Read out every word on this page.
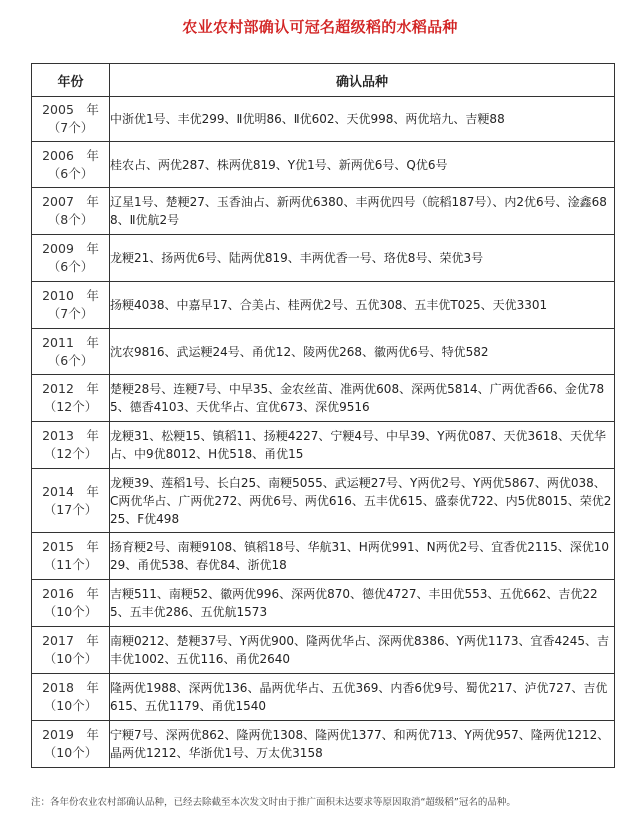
农业农村部确认可冠名超级稻的水稻品种
年份	确认品种

2005　年
（7个）	中浙优1号、丰优299、Ⅱ优明86、Ⅱ优602、天优998、两优培九、吉粳88

2006　年
（6个）	桂农占、两优287、株两优819、Y优1号、新两优6号、Q优6号

2007　年
（8个）	辽星1号、楚粳27、玉香油占、新两优6380、丰两优四号（皖稻187号）、内2优6号、淦鑫688、Ⅱ优航2号

2009　年
（6个）	龙粳21、扬两优6号、陆两优819、丰两优香一号、珞优8号、荣优3号

2010　年
（7个）	扬粳4038、中嘉早17、合美占、桂两优2号、五优308、五丰优T025、天优3301

2011　年
（6个）	沈农9816、武运粳24号、甬优12、陵两优268、徽两优6号、特优582

2012　年
（12个）	楚粳28号、连粳7号、中早35、金农丝苗、准两优608、深两优5814、广两优香66、金优785、德香4103、天优华占、宜优673、深优9516

2013　年
（12个）	龙粳31、松粳15、镇稻11、扬粳4227、宁粳4号、中早39、Y两优087、天优3618、天优华占、中9优8012、H优518、甬优15

2014　年
（17个）	龙粳39、莲稻1号、长白25、南粳5055、武运粳27号、Y两优2号、Y两优5867、两优038、C两优华占、广两优272、两优6号、两优616、五丰优615、盛泰优722、内5优8015、荣优225、F优498

2015　年
（11个）	扬育粳2号、南粳9108、镇稻18号、华航31、H两优991、N两优2号、宜香优2115、深优1029、甬优538、春优84、浙优18

2016　年
（10个）	吉粳511、南粳52、徽两优996、深两优870、德优4727、丰田优553、五优662、吉优225、五丰优286、五优航1573

2017　年
（10个）	南粳0212、楚粳37号、Y两优900、隆两优华占、深两优8386、Y两优1173、宜香4245、吉丰优1002、五优116、甬优2640

2018　年
（10个）	隆两优1988、深两优136、晶两优华占、五优369、内香6优9号、蜀优217、泸优727、吉优615、五优1179、甬优1540

2019　年
（10个）	宁粳7号、深两优862、隆两优1308、隆两优1377、和两优713、Y两优957、隆两优1212、晶两优1212、华浙优1号、万太优3158
注：各年份农业农村部确认品种，已经去除截至本次发文时由于推广面积未达要求等原因取消“超级稻”冠名的品种。
